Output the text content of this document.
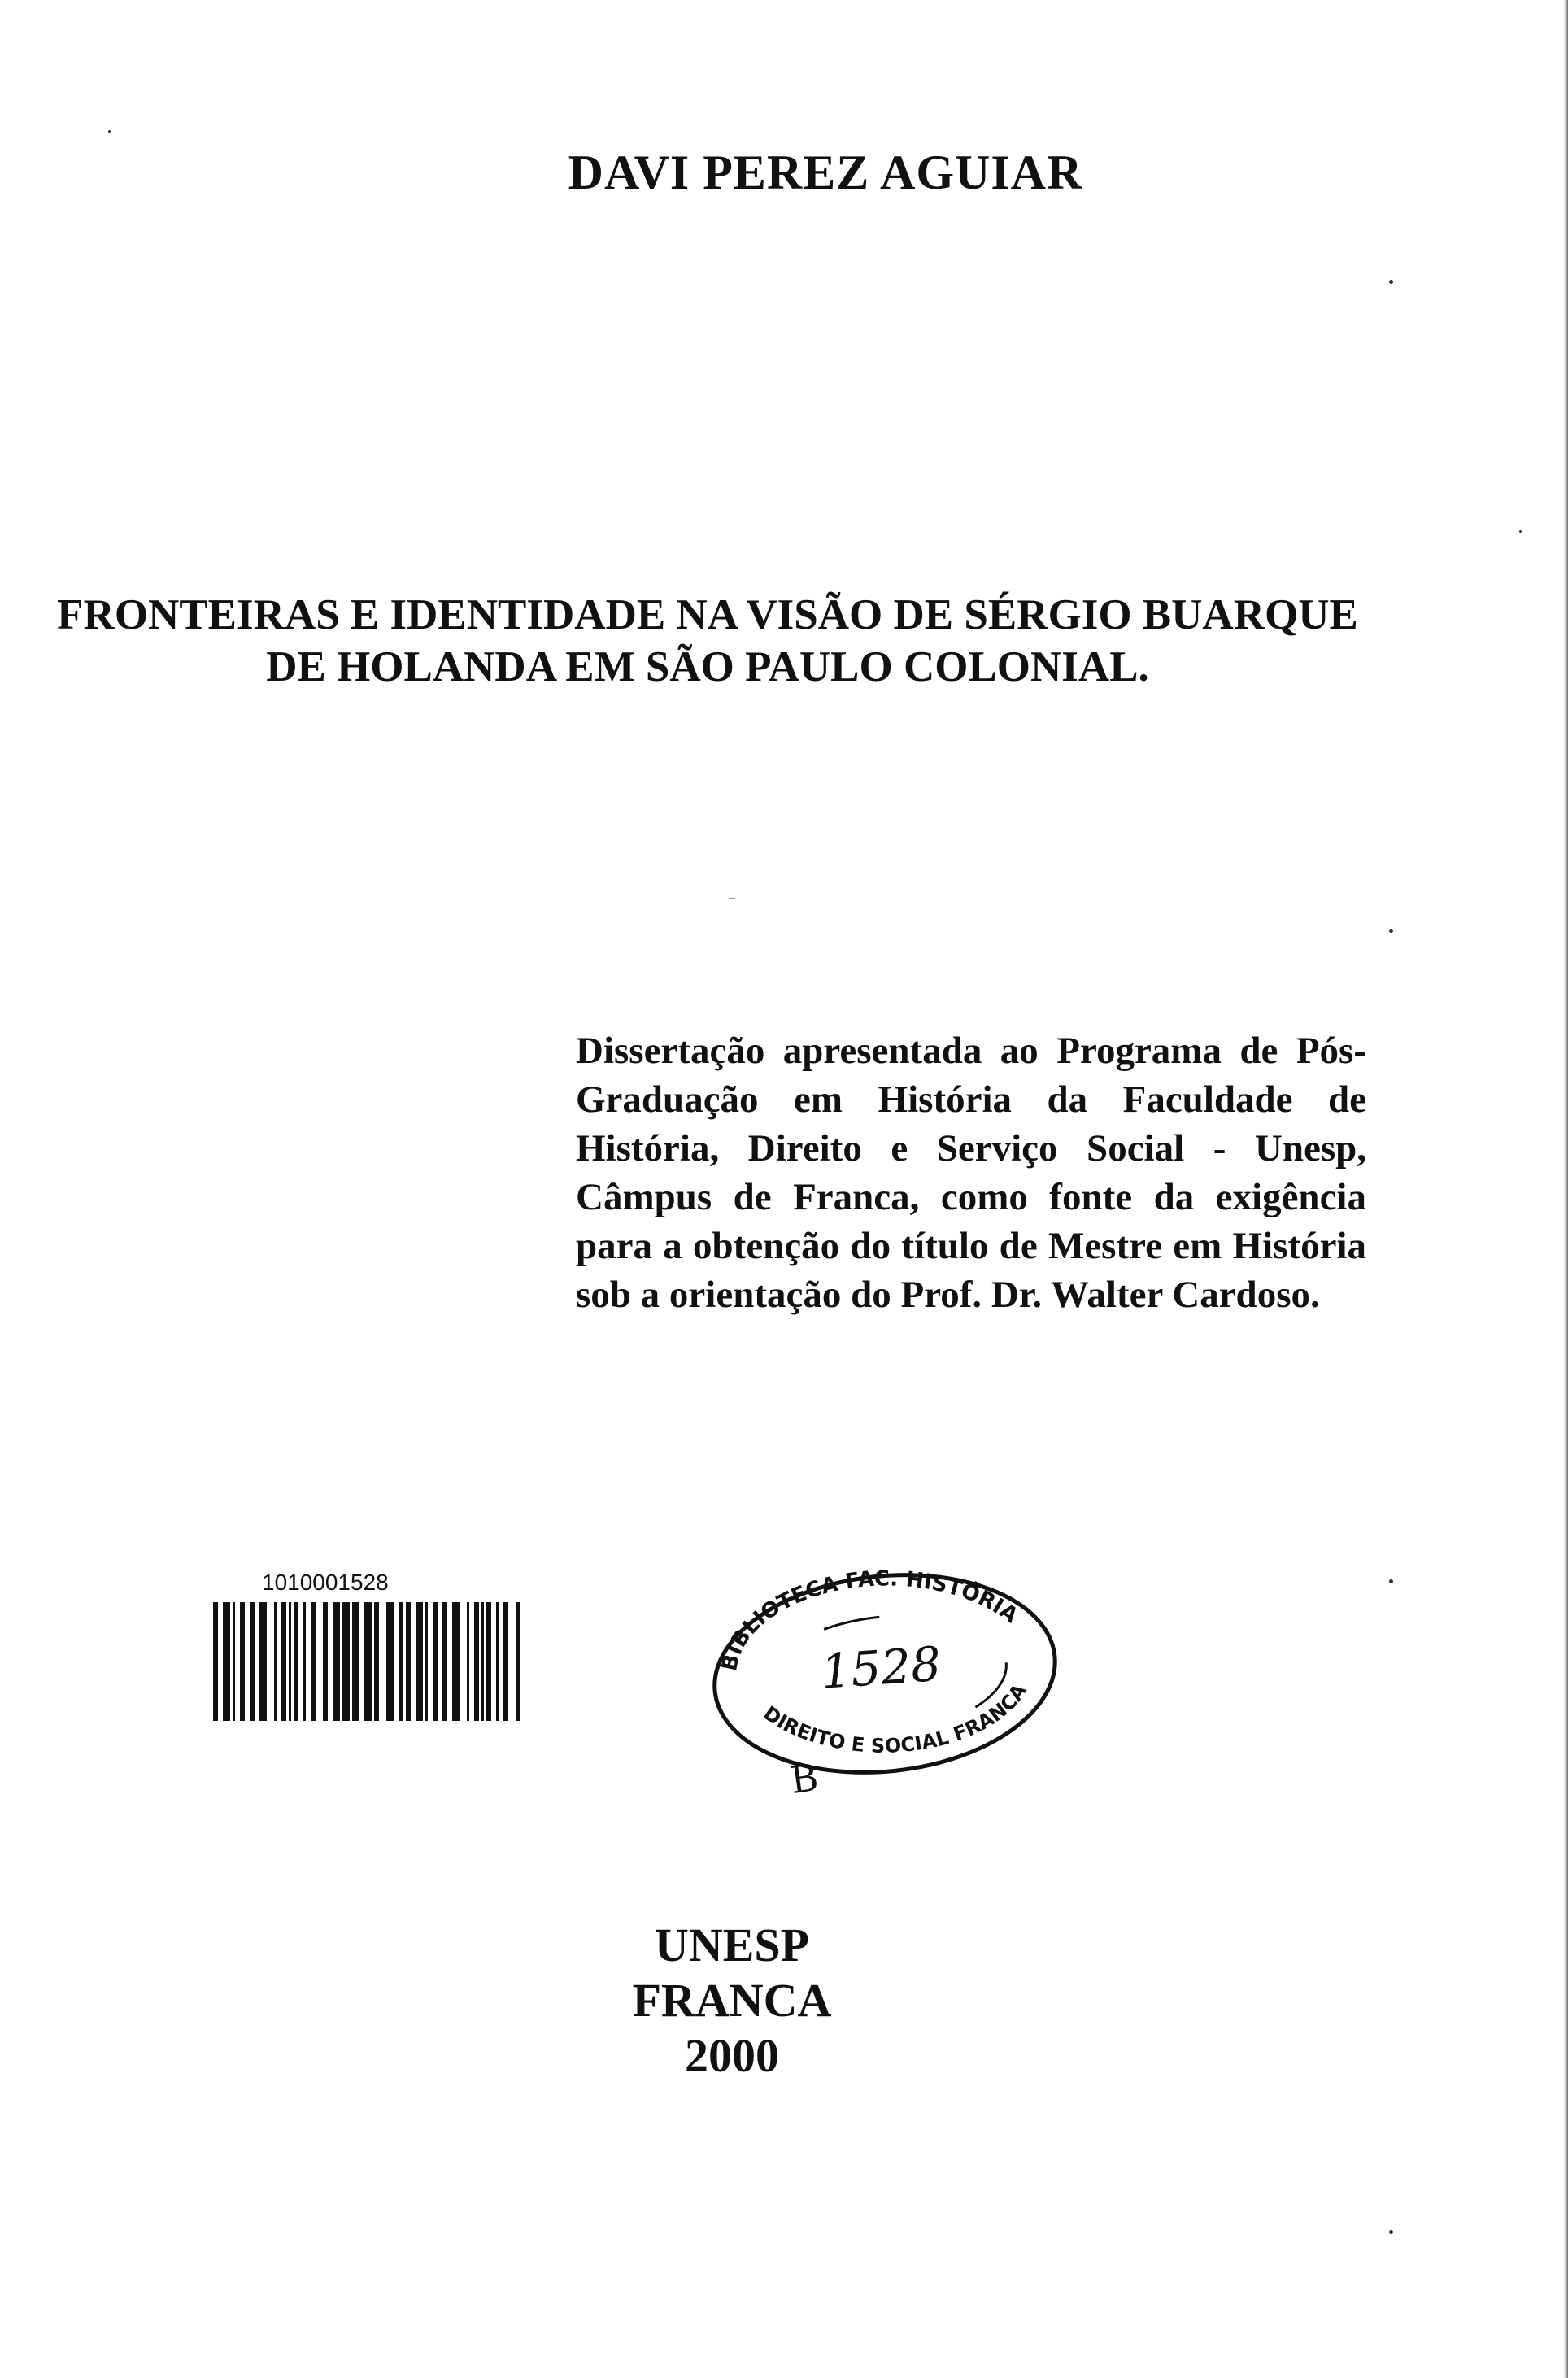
DAVI PEREZ AGUIAR
FRONTEIRAS E IDENTIDADE NA VISÃO DE SÉRGIO BUARQUE
DE HOLANDA EM SÃO PAULO COLONIAL.
Dissertação apresentada ao Programa de Pós-Graduação em História da Faculdade de História, Direito e Serviço Social - Unesp, Câmpus de Franca, como fonte da exigência para a obtenção do título de Mestre em História sob a orientação do Prof. Dr. Walter Cardoso.
1010001528
BIBLIOTECA FAC. HISTÓRIA
DIREITO E SOCIAL FRANCA
1528
B
UNESP
FRANCA
2000
